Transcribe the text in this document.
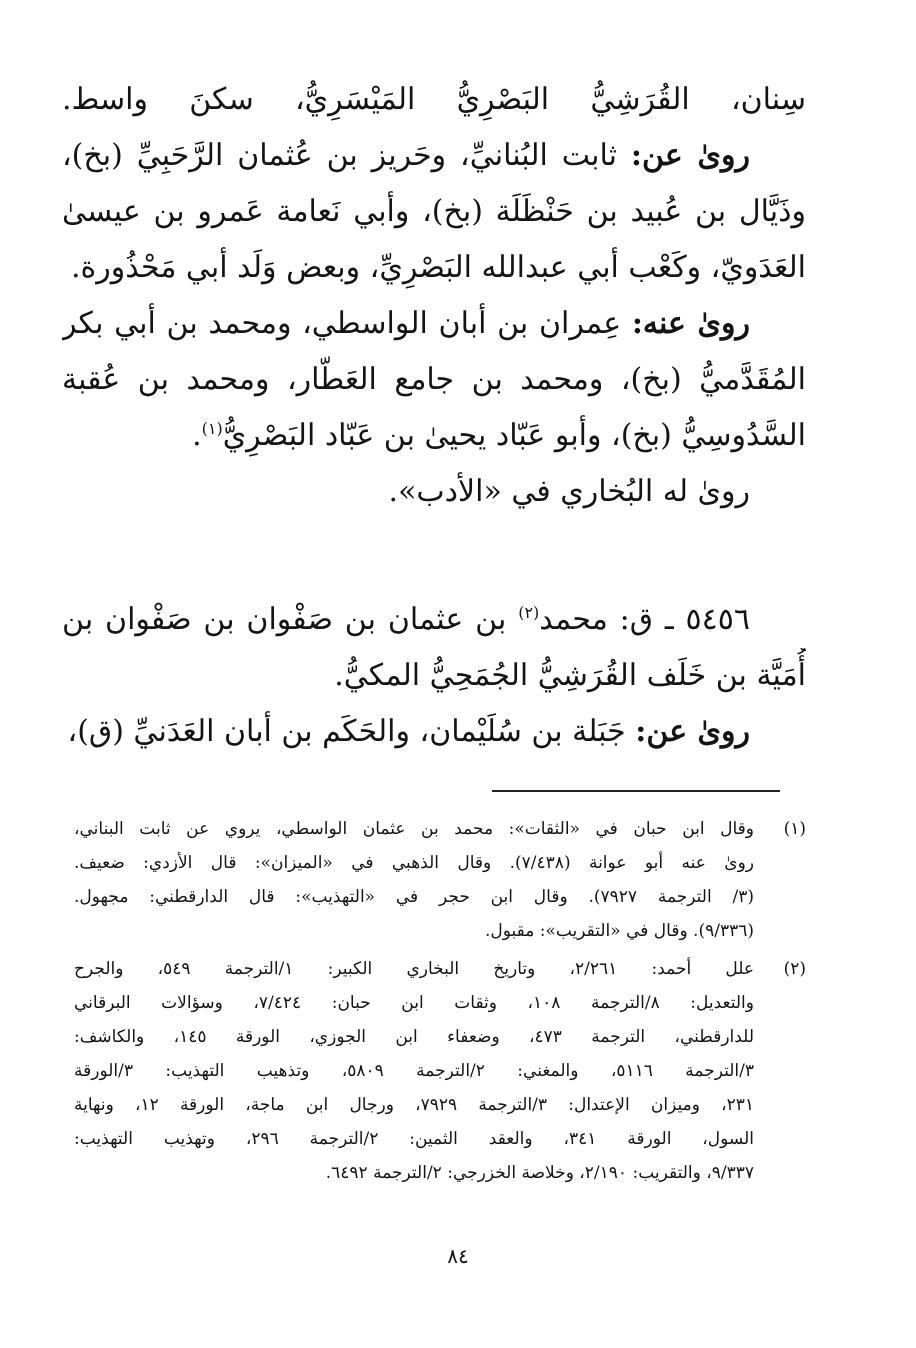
سِنان، القُرَشِيُّ البَصْرِيُّ المَيْسَرِيُّ، سكنَ واسط.
روىٰ عن: ثابت البُنانيِّ، وحَريز بن عُثمان الرَّحَبِيِّ (بخ)،
وذَيَّال بن عُبيد بن حَنْظَلَة (بخ)، وأبي نَعامة عَمرو بن عيسىٰ
العَدَويّ، وكَعْب أبي عبدالله البَصْرِيِّ، وبعض وَلَد أبي مَحْذُورة.
روىٰ عنه: عِمران بن أبان الواسطي، ومحمد بن أبي بكر
المُقَدَّميُّ (بخ)، ومحمد بن جامع العَطّار، ومحمد بن عُقبة
السَّدُوسِيُّ (بخ)، وأبو عَبّاد يحيىٰ بن عَبّاد البَصْرِيُّ$^{(١)}$.
روىٰ له البُخاري في «الأدب».
٥٤٥٦ ـ ق: محمد$^{(٢)}$ بن عثمان بن صَفْوان بن صَفْوان بن
أُمَيَّة بن خَلَف القُرَشِيُّ الجُمَحِيُّ المكيُّ.
روىٰ عن: جَبَلة بن سُلَيْمان، والحَكَم بن أبان العَدَنيِّ (ق)،
(١)
وقال ابن حبان في «الثقات»: محمد بن عثمان الواسطي، يروي عن ثابت البناني،
روىٰ عنه أبو عوانة (٧/٤٣٨). وقال الذهبي في «الميزان»: قال الأزدي: ضعيف.
(٣/ الترجمة ٧٩٢٧). وقال ابن حجر في «التهذيب»: قال الدارقطني: مجهول.
(٩/٣٣٦). وقال في «التقريب»: مقبول.
(٢)
علل أحمد: ٢/٢٦١، وتاريخ البخاري الكبير: ١/الترجمة ٥٤٩، والجرح
والتعديل: ٨/الترجمة ١٠٨، وثقات ابن حبان: ٧/٤٢٤، وسؤالات البرقاني
للدارقطني، الترجمة ٤٧٣، وضعفاء ابن الجوزي، الورقة ١٤٥، والكاشف:
٣/الترجمة ٥١١٦، والمغني: ٢/الترجمة ٥٨٠٩، وتذهيب التهذيب: ٣/الورقة
٢٣١، وميزان الإعتدال: ٣/الترجمة ٧٩٢٩، ورجال ابن ماجة، الورقة ١٢، ونهاية
السول، الورقة ٣٤١، والعقد الثمين: ٢/الترجمة ٢٩٦، وتهذيب التهذيب:
٩/٣٣٧، والتقريب: ٢/١٩٠، وخلاصة الخزرجي: ٢/الترجمة ٦٤٩٢.
٨٤
